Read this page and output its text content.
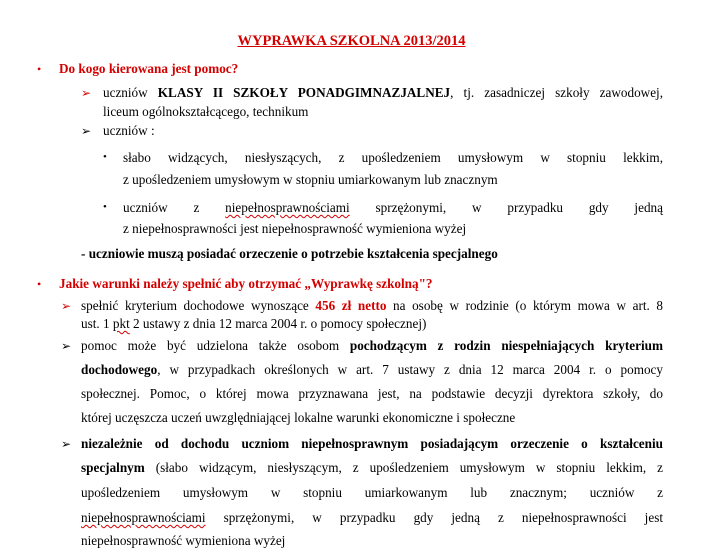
WYPRAWKA SZKOLNA 2013/2014
• Do kogo kierowana jest pomoc?
➢ uczniów KLASY II SZKOŁY PONADGIMNAZJALNEJ, tj. zasadniczej szkoły zawodowej,
liceum ogólnokształcącego, technikum
➢ uczniów :
• słabo widzących, niesłyszących, z upośledzeniem umysłowym w stopniu lekkim,
z upośledzeniem umysłowym w stopniu umiarkowanym lub znacznym
• uczniów z niepełnosprawnościami sprzężonymi, w przypadku gdy jedną
z niepełnosprawności jest niepełnosprawność wymieniona wyżej
- uczniowie muszą posiadać orzeczenie o potrzebie kształcenia specjalnego
• Jakie warunki należy spełnić aby otrzymać „Wyprawkę szkolną"?
➢ spełnić kryterium dochodowe wynoszące 456 zł netto na osobę w rodzinie (o którym mowa w art. 8
ust. 1 pkt 2 ustawy z dnia 12 marca 2004 r. o pomocy społecznej)
➢ pomoc może być udzielona także osobom pochodzącym z rodzin niespełniających kryterium
dochodowego, w przypadkach określonych w art. 7 ustawy z dnia 12 marca 2004 r. o pomocy
społecznej. Pomoc, o której mowa przyznawana jest, na podstawie decyzji dyrektora szkoły, do
której uczęszcza uczeń uwzględniającej lokalne warunki ekonomiczne i społeczne
➢ niezależnie od dochodu uczniom niepełnosprawnym posiadającym orzeczenie o kształceniu
specjalnym (słabo widzącym, niesłyszącym, z upośledzeniem umysłowym w stopniu lekkim, z
upośledzeniem umysłowym w stopniu umiarkowanym lub znacznym; uczniów z
niepełnosprawnościami sprzężonymi, w przypadku gdy jedną z niepełnosprawności jest
niepełnosprawność wymieniona wyżej
